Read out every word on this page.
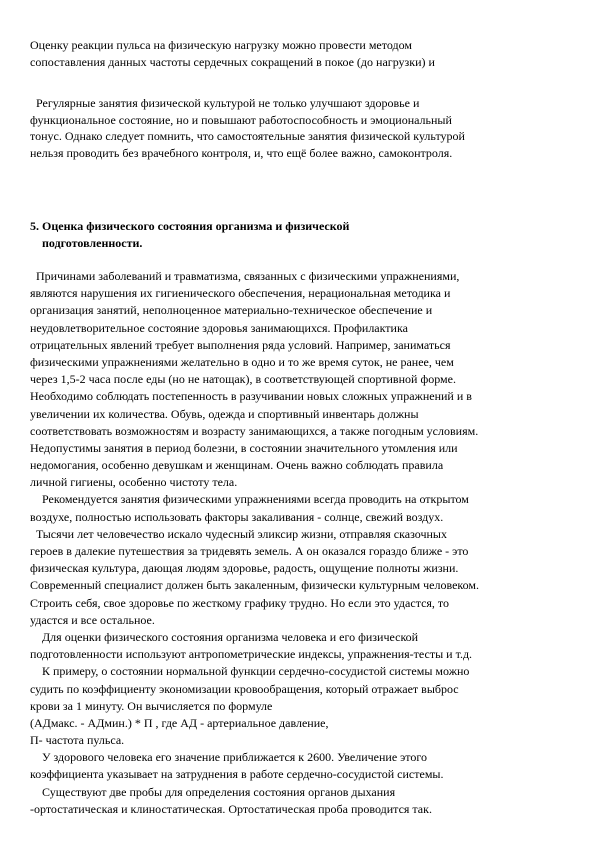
Оценку реакции пульса на физическую нагрузку можно провести методом
сопоставления данных частоты сердечных сокращений в покое (до нагрузки) и
Регулярные занятия физической культурой не только улучшают здоровье и
функциональное состояние, но и повышают работоспособность и эмоциональный
тонус. Однако следует помнить, что самостоятельные занятия физической культурой
нельзя проводить без врачебного контроля, и, что ещё более важно, самоконтроля.
5. Оценка физического состояния организма и физической
подготовленности.
Причинами заболеваний и травматизма, связанных с физическими упражнениями,
являются нарушения их гигиенического обеспечения, нерациональная методика и
организация занятий, неполноценное материально-техническое обеспечение и
неудовлетворительное состояние здоровья занимающихся. Профилактика
отрицательных явлений требует выполнения ряда условий. Например, заниматься
физическими упражнениями желательно в одно и то же время суток, не ранее, чем
через 1,5-2 часа после еды (но не натощак), в соответствующей спортивной форме.
Необходимо соблюдать постепенность в разучивании новых сложных упражнений и в
увеличении их количества. Обувь, одежда и спортивный инвентарь должны
соответствовать возможностям и возрасту занимающихся, а также погодным условиям.
Недопустимы занятия в период болезни, в состоянии значительного утомления или
недомогания, особенно девушкам и женщинам. Очень важно соблюдать правила
личной гигиены, особенно чистоту тела.
Рекомендуется занятия физическими упражнениями всегда проводить на открытом
воздухе, полностью использовать факторы закаливания - солнце, свежий воздух.
Тысячи лет человечество искало чудесный эликсир жизни, отправляя сказочных
героев в далекие путешествия за тридевять земель. А он оказался гораздо ближе - это
физическая культура, дающая людям здоровье, радость, ощущение полноты жизни.
Современный специалист должен быть закаленным, физически культурным человеком.
Строить себя, свое здоровье по жесткому графику трудно. Но если это удастся, то
удастся и все остальное.
Для оценки физического состояния организма человека и его физической
подготовленности используют антропометрические индексы, упражнения-тесты и т.д.
К примеру, о состоянии нормальной функции сердечно-сосудистой системы можно
судить по коэффициенту экономизации кровообращения, который отражает выброс
крови за 1 минуту. Он вычисляется по формуле
(АДмакс. - АДмин.) * П , где АД - артериальное давление,
П- частота пульса.
У здорового человека его значение приближается к 2600. Увеличение этого
коэффициента указывает на затруднения в работе сердечно-сосудистой системы.
Существуют две пробы для определения состояния органов дыхания
-ортостатическая и клиностатическая. Ортостатическая проба проводится так.
